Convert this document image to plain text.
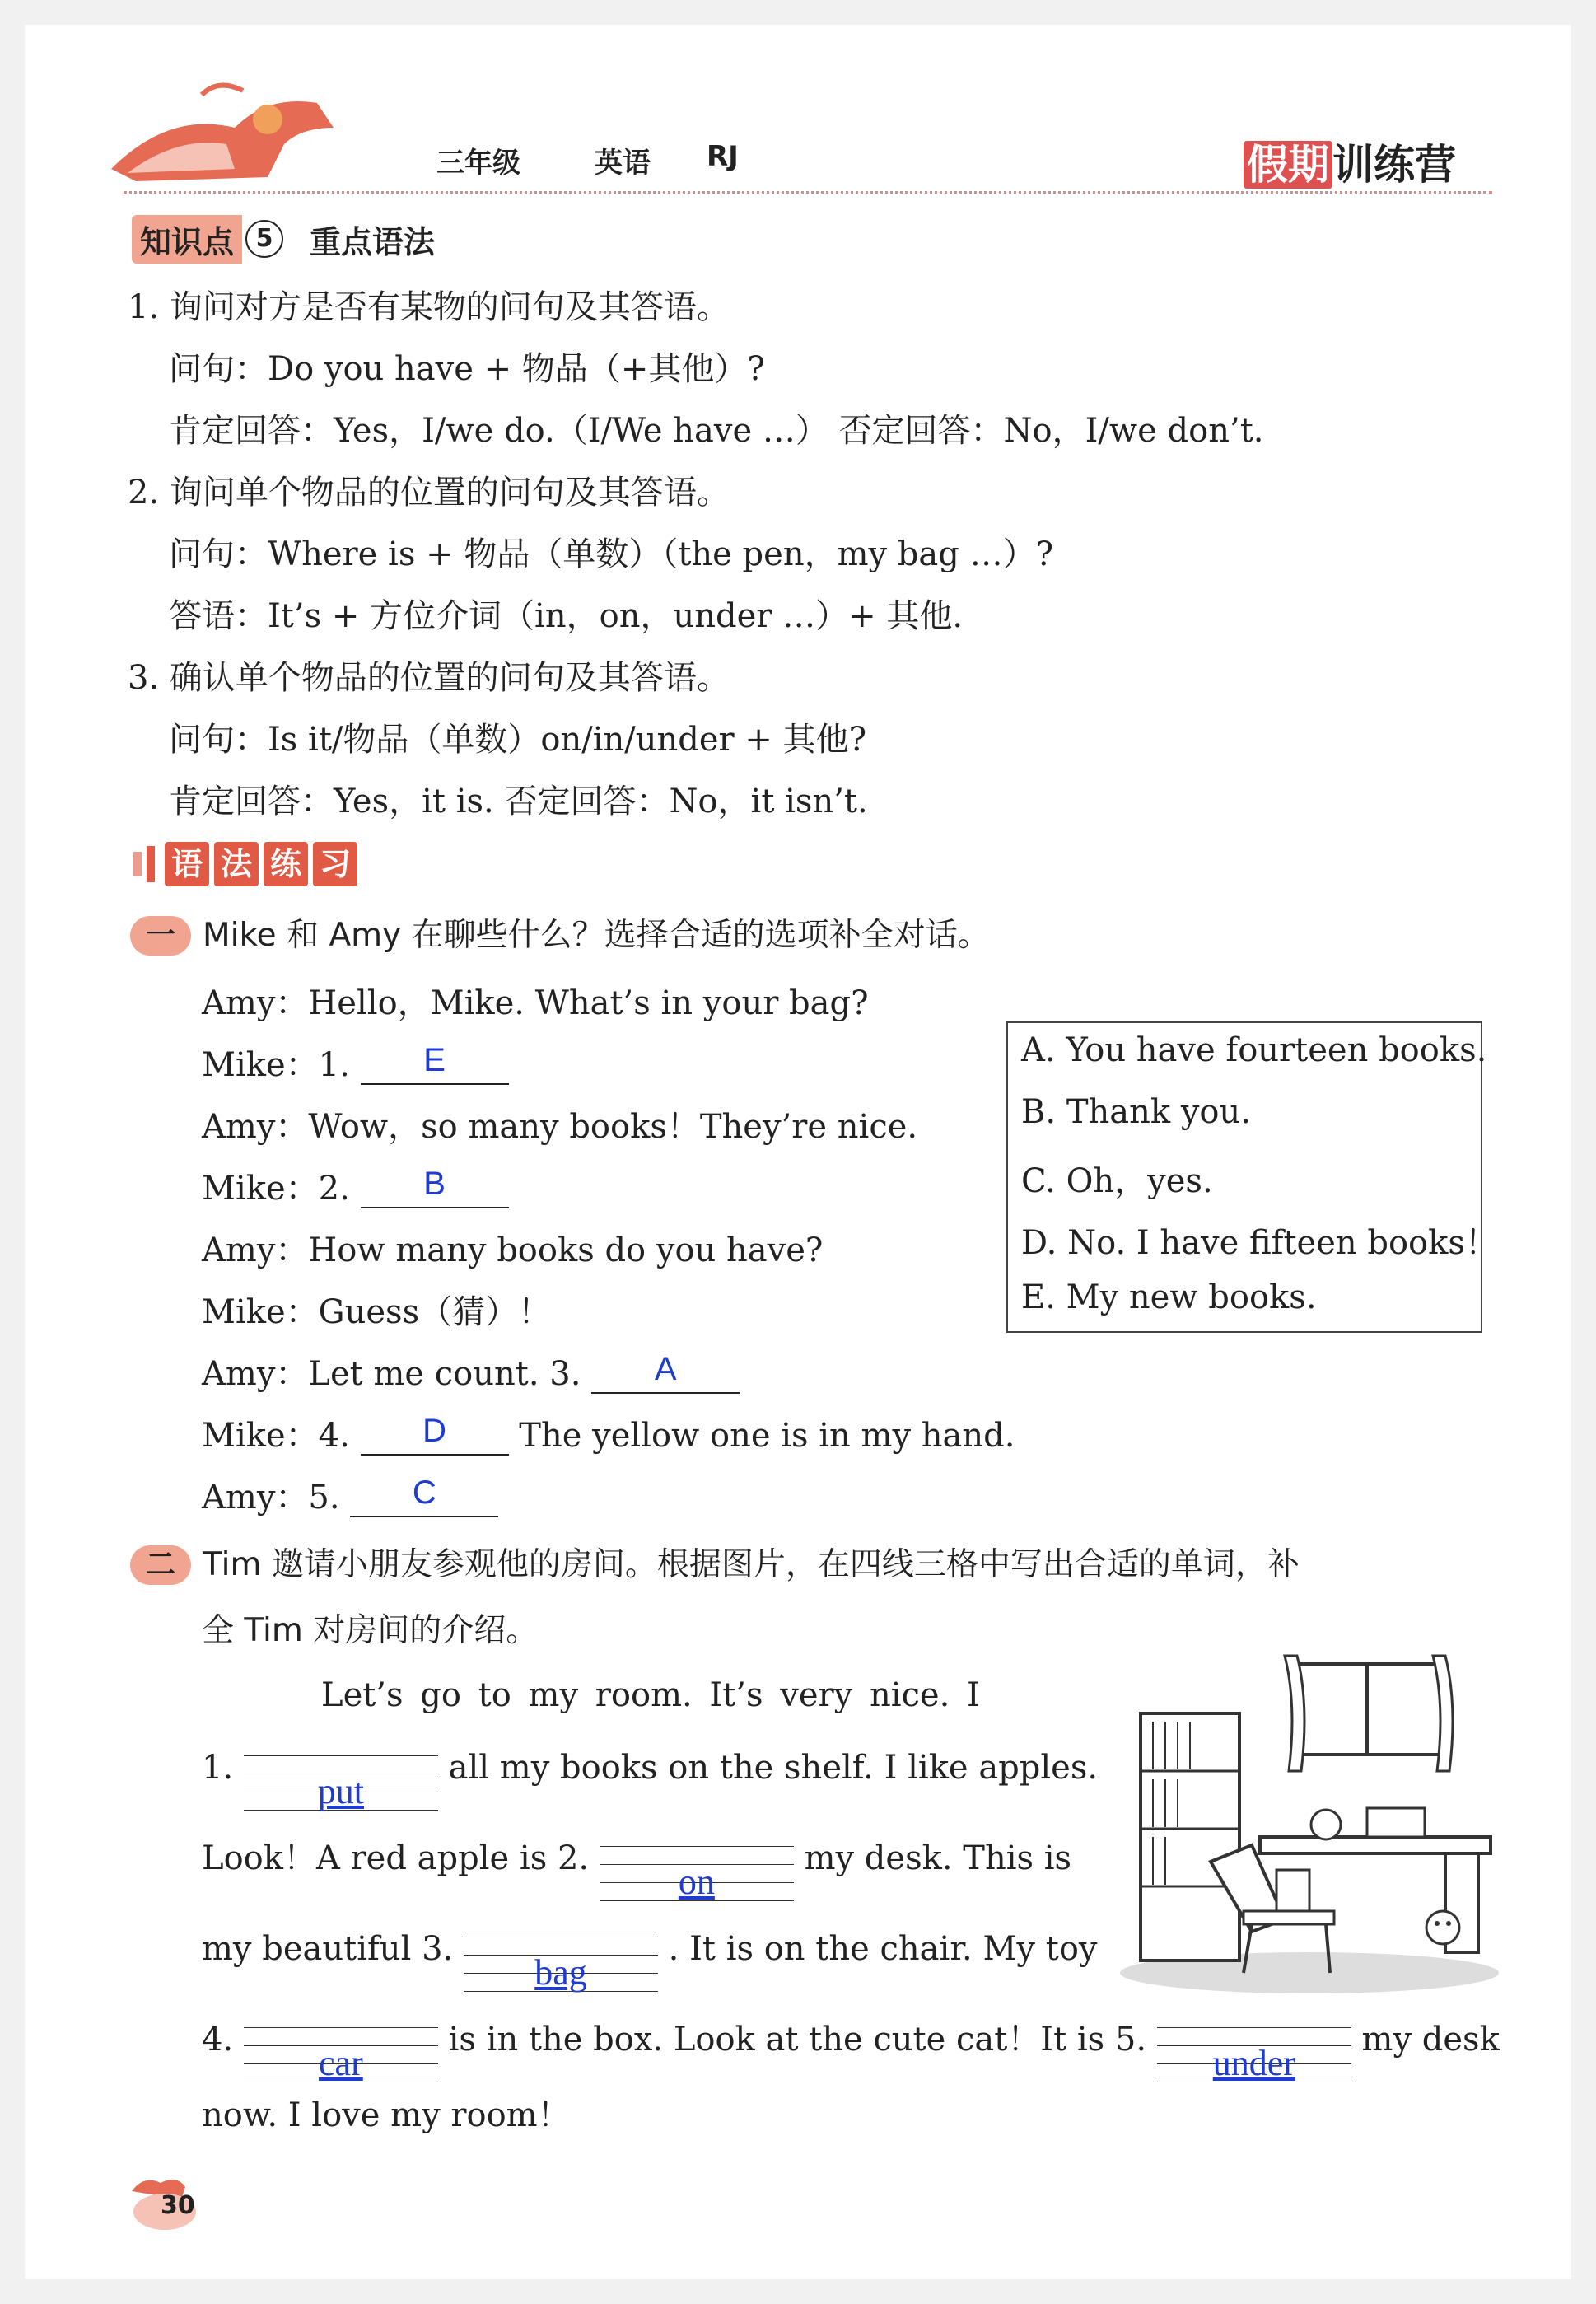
三年级	英语 RJ	假期训练营
知识点 5	重点语法
1. 询问对方是否有某物的问句及其答语。
问句：Do you have + 物品（+其他）?
肯定回答：Yes，I/we do.（I/We have …） 否定回答：No，I/we don’t.
2. 询问单个物品的位置的问句及其答语。
问句：Where is + 物品（单数）（the pen，my bag …）?
答语：It’s + 方位介词（in，on，under …）+ 其他.
3. 确认单个物品的位置的问句及其答语。
问句：Is it/物品（单数）on/in/under + 其他?
肯定回答：Yes，it is. 否定回答：No，it isn’t.
语 法 练 习
一 Mike 和 Amy 在聊些什么？选择合适的选项补全对话。
Amy：Hello，Mike. What’s in your bag?
Mike：1. E
Amy：Wow，so many books！They’re nice.
Mike：2. B
Amy：How many books do you have?
Mike：Guess（猜）！
Amy：Let me count. 3. A
Mike：4. D The yellow one is in my hand.
Amy：5. C
A. You have fourteen books.
B. Thank you.
C. Oh，yes.
D. No. I have fifteen books！
E. My new books.
二 Tim 邀请小朋友参观他的房间。根据图片，在四线三格中写出合适的单词，补
全 Tim 对房间的介绍。
Let’s go to my room. It’s very nice. I
1.
put
all my books on the shelf. I like apples.
Look！A red apple is 2.
on
my desk. This is
my beautiful 3.
bag
. It is on the chair. My toy
4.
car
is in the box. Look at the cute cat！It is 5.
under
my desk
now. I love my room！
30
